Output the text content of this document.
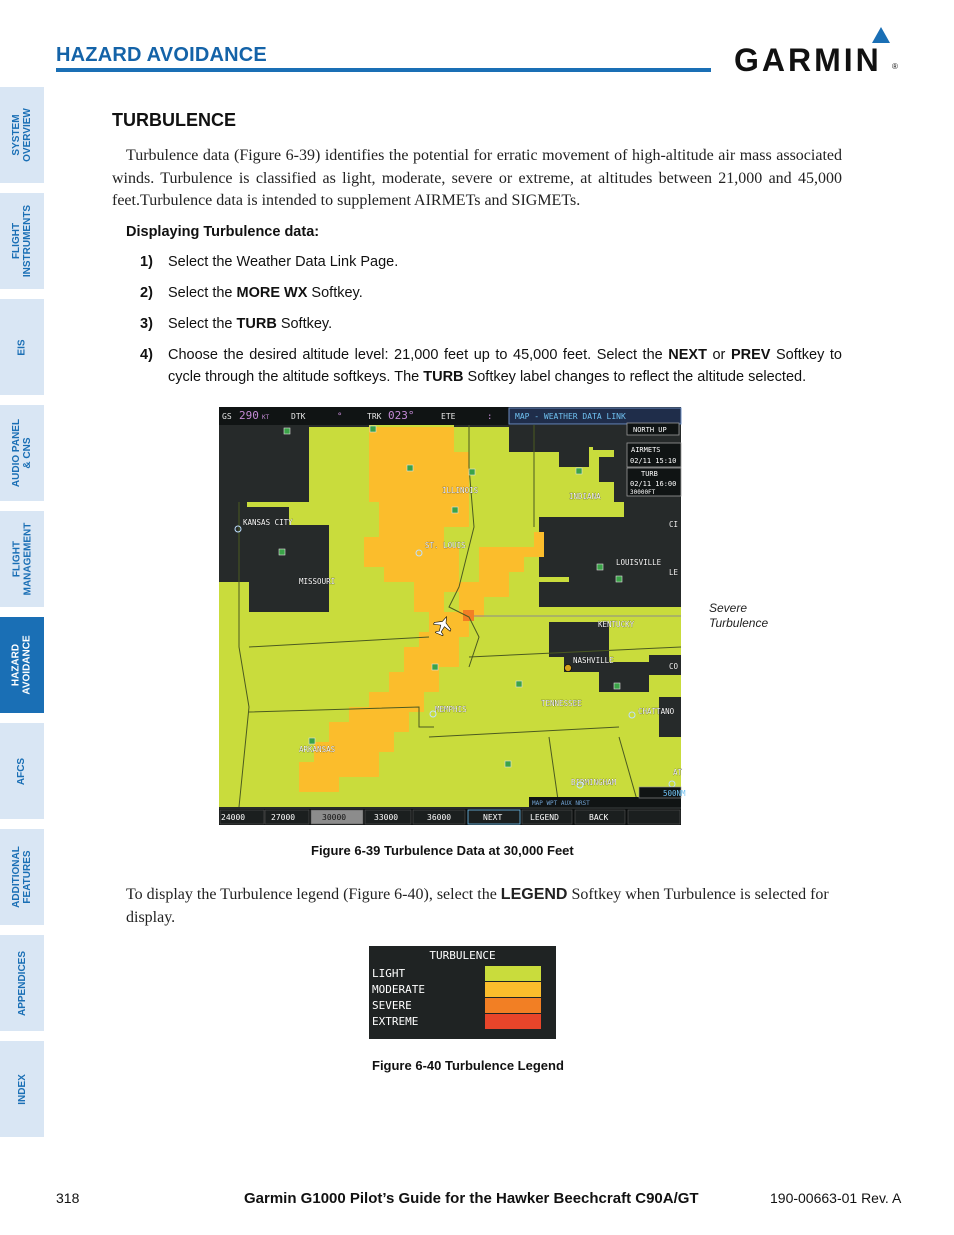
HAZARD AVOIDANCE	GARMIN ®
SYSTEM
OVERVIEW
FLIGHT
INSTRUMENTS
EIS
AUDIO PANEL
& CNS
FLIGHT
MANAGEMENT
HAZARD
AVOIDANCE
AFCS
ADDITIONAL
FEATURES
APPENDICES
INDEX
TURBULENCE

Turbulence data (Figure 6-39) identifies the potential for erratic movement of high-altitude air mass associated winds. Turbulence is classified as light, moderate, severe or extreme, at altitudes between 21,000 and 45,000 feet.Turbulence data is intended to supplement AIRMETs and SIGMETs.

Displaying Turbulence data:
1) Select the Weather Data Link Page.
2) Select the MORE WX Softkey.
3) Select the TURB Softkey.
4) Choose the desired altitude level: 21,000 feet up to 45,000 feet. Select the NEXT or PREV Softkey to cycle through the altitude softkeys. The TURB Softkey label changes to reflect the altitude selected.
GS 290 KT	DTK	°	TRK 023°	ETE	:	MAP - WEATHER DATA LINK
NORTH UP
AIRMETS
02/11 15:10
TURB
02/11 16:00
30000FT
ILLINOIS
INDIANA
KANSAS CITY
ST. LOUIS
MISSOURI
LOUISVILLE
LE
CI
KENTUCKY
NASHVILLE
MEMPHIS
TENNESSEE
CHATTANO
ARKANSAS
BIRMINGHAM
AT
CO
MAP WPT AUX NRST
500NM
24000	27000	30000	33000	36000	NEXT	LEGEND	BACK
Severe
Turbulence
Figure 6-39 Turbulence Data at 30,000 Feet

To display the Turbulence legend (Figure 6-40), select the LEGEND Softkey when Turbulence is selected for display.

TURBULENCE
LIGHT
MODERATE
SEVERE
EXTREME
Figure 6-40 Turbulence Legend
318	Garmin G1000 Pilot’s Guide for the Hawker Beechcraft C90A/GT	190-00663-01 Rev. A
